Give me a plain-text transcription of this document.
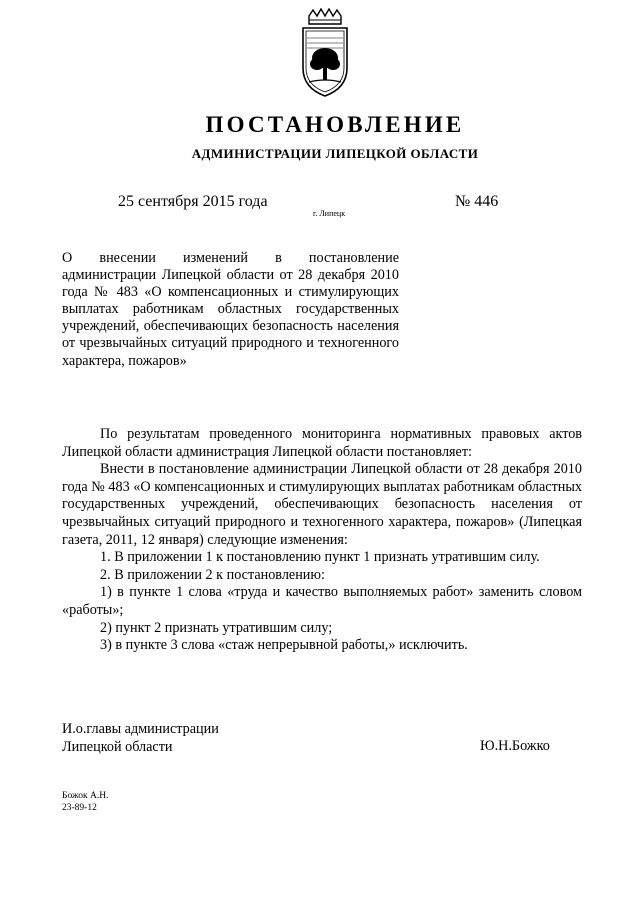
ПОСТАНОВЛЕНИЕ
АДМИНИСТРАЦИИ ЛИПЕЦКОЙ ОБЛАСТИ
25 сентября 2015 года
г. Липецк
№ 446
О внесении изменений в постановление администрации Липецкой области от 28 декабря 2010 года № 483 «О компенсационных и стимулирующих выплатах работникам областных государственных учреждений, обеспечивающих безопасность населения от чрезвычайных ситуаций природного и техногенного характера, пожаров»

По результатам проведенного мониторинга нормативных правовых актов Липецкой области администрация Липецкой области постановляет:

Внести в постановление администрации Липецкой области от 28 декабря 2010 года № 483 «О компенсационных и стимулирующих выплатах работникам областных государственных учреждений, обеспечивающих безопасность населения от чрезвычайных ситуаций природного и техногенного характера, пожаров» (Липецкая газета, 2011, 12 января) следующие изменения:

1. В приложении 1 к постановлению пункт 1 признать утратившим силу.

2. В приложении 2 к постановлению:

1) в пункте 1 слова «труда и качество выполняемых работ» заменить словом «работы»;

2) пункт 2 признать утратившим силу;

3) в пункте 3 слова «стаж непрерывной работы,» исключить.

И.о.главы администрации
Липецкой области	Ю.Н.Божко
Божок А.Н.
23-89-12
